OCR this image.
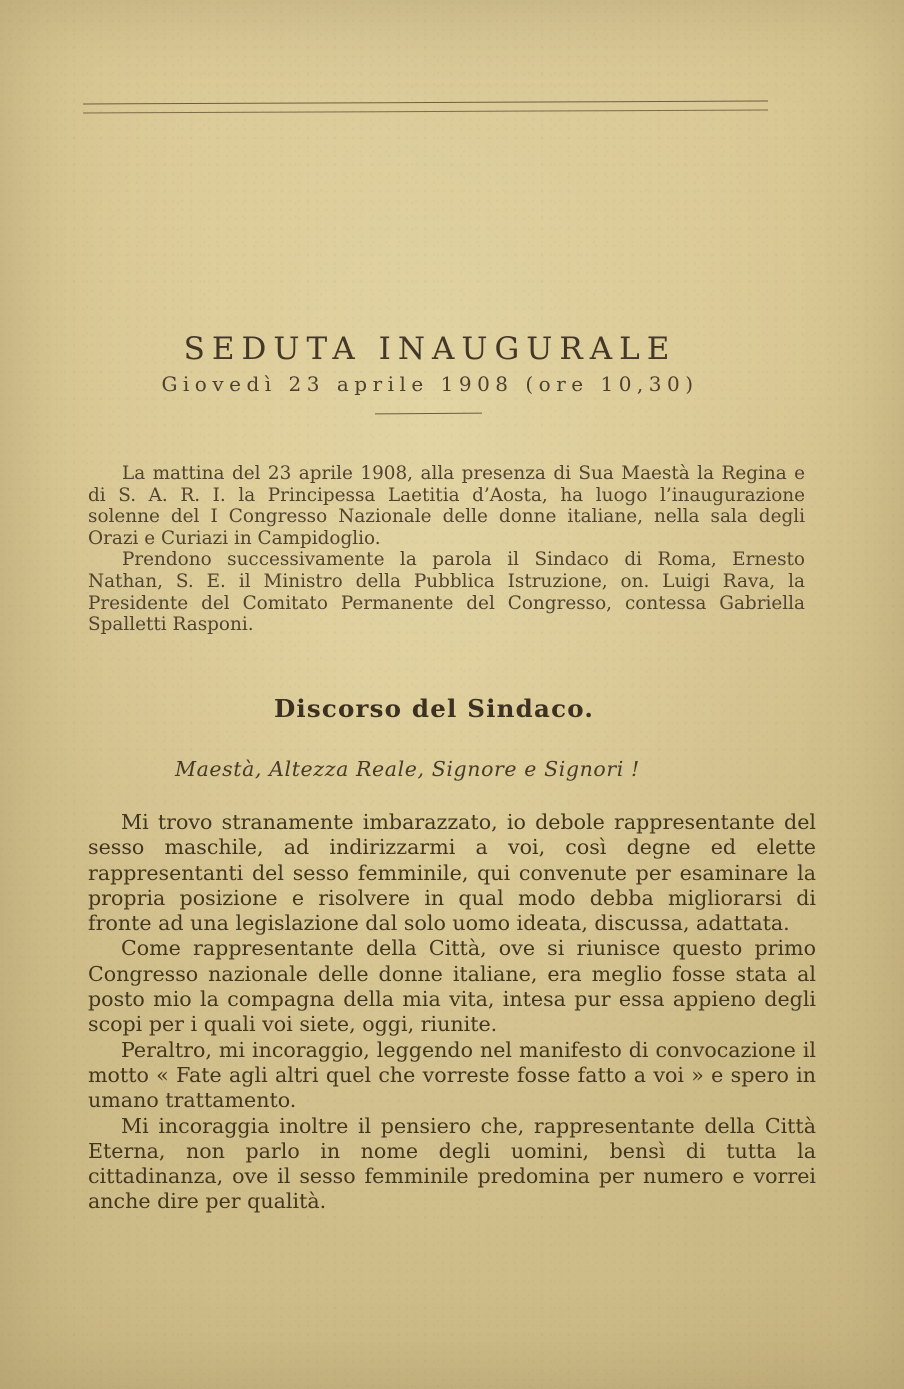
SEDUTA INAUGURALE
Giovedì 23 aprile 1908 (ore 10,30)

La mattina del 23 aprile 1908, alla presenza di Sua Maestà la Regina e di S. A. R. I. la Principessa Laetitia d’Aosta, ha luogo l’inaugurazione solenne del I Congresso Nazionale delle donne italiane, nella sala degli Orazi e Curiazi in Campidoglio.

Prendono successivamente la parola il Sindaco di Roma, Ernesto Nathan, S. E. il Ministro della Pubblica Istruzione, on. Luigi Rava, la Presidente del Comitato Permanente del Congresso, contessa Gabriella Spalletti Rasponi.

Discorso del Sindaco.
Maestà, Altezza Reale, Signore e Signori !

Mi trovo stranamente imbarazzato, io debole rappresentante del sesso maschile, ad indirizzarmi a voi, così degne ed elette rappresentanti del sesso femminile, qui convenute per esaminare la propria posizione e risolvere in qual modo debba migliorarsi di fronte ad una legislazione dal solo uomo ideata, discussa, adattata.

Come rappresentante della Città, ove si riunisce questo primo Congresso nazionale delle donne italiane, era meglio fosse stata al posto mio la compagna della mia vita, intesa pur essa appieno degli scopi per i quali voi siete, oggi, riunite.

Peraltro, mi incoraggio, leggendo nel manifesto di convocazione il motto « Fate agli altri quel che vorreste fosse fatto a voi » e spero in umano trattamento.

Mi incoraggia inoltre il pensiero che, rappresentante della Città Eterna, non parlo in nome degli uomini, bensì di tutta la cittadinanza, ove il sesso femminile predomina per numero e vorrei anche dire per qualità.
